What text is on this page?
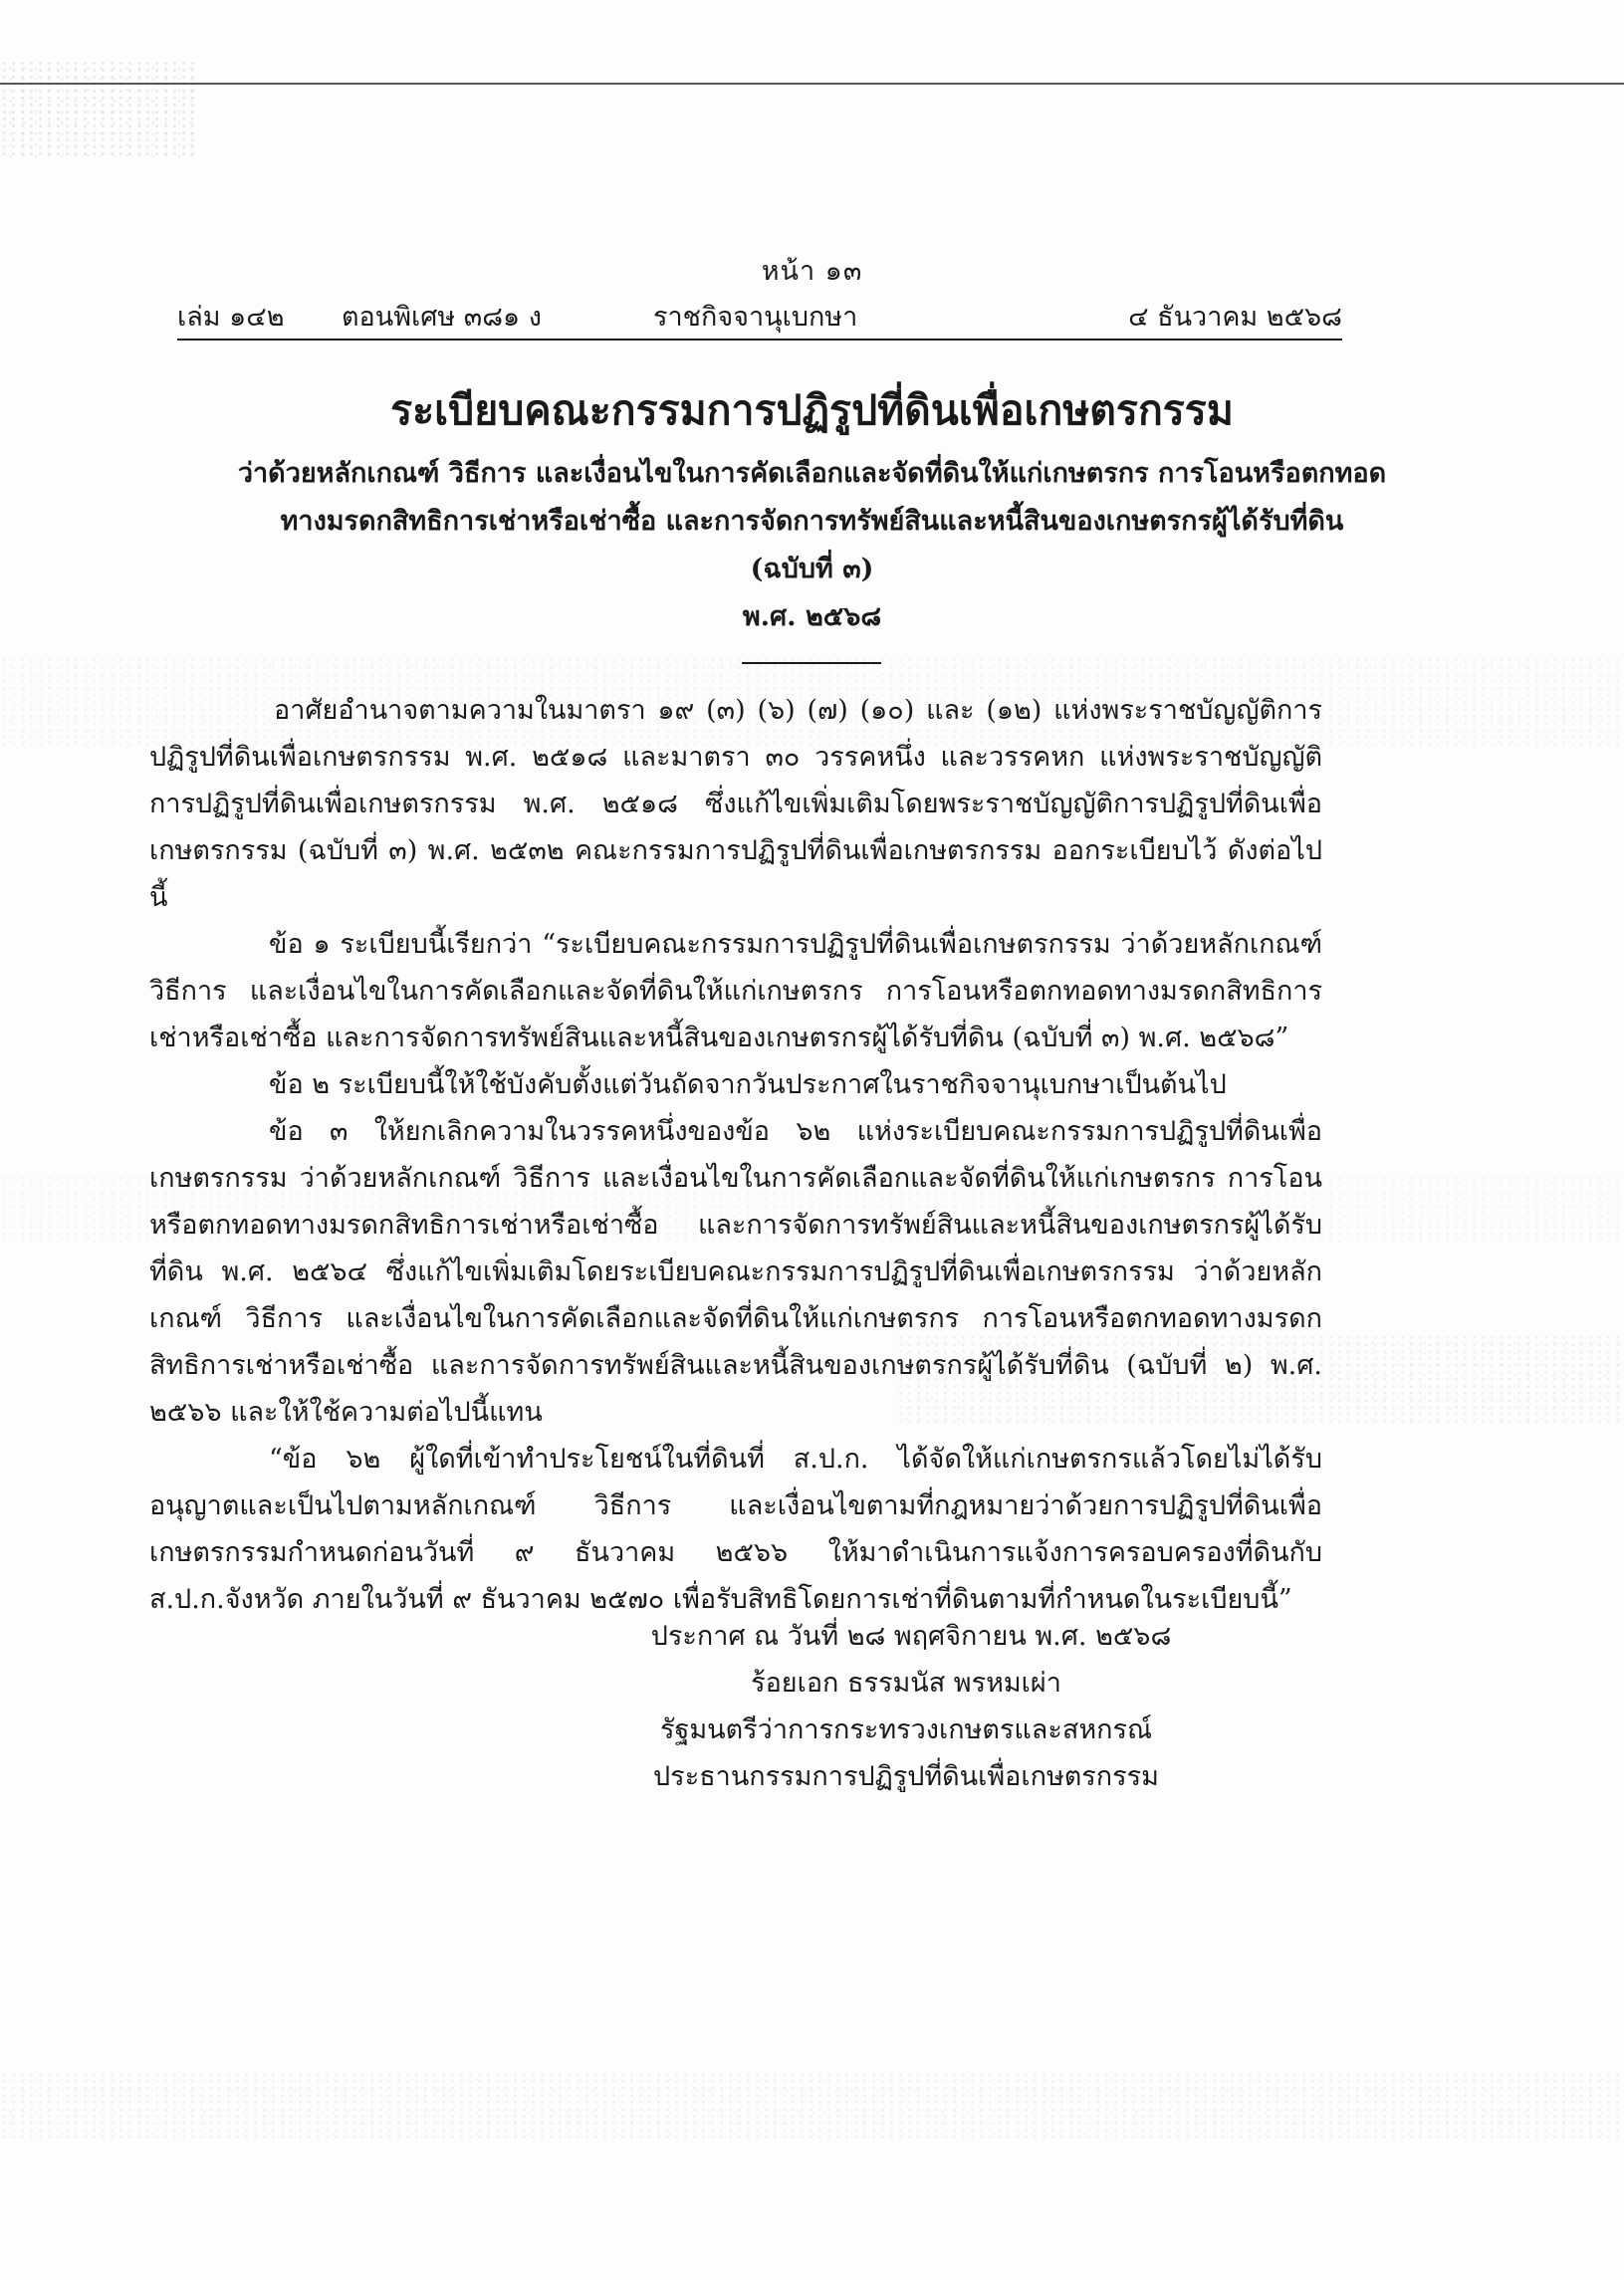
หน้า ๑๓
เล่ม ๑๔๒ ตอนพิเศษ ๓๘๑ ง	ราชกิจจานุเบกษา	๔ ธันวาคม ๒๕๖๘
ระเบียบคณะกรรมการปฏิรูปที่ดินเพื่อเกษตรกรรม
ว่าด้วยหลักเกณฑ์ วิธีการ และเงื่อนไขในการคัดเลือกและจัดที่ดินให้แก่เกษตรกร การโอนหรือตกทอด
ทางมรดกสิทธิการเช่าหรือเช่าซื้อ และการจัดการทรัพย์สินและหนี้สินของเกษตรกรผู้ได้รับที่ดิน
(ฉบับที่ ๓)
พ.ศ. ๒๕๖๘

อาศัยอำนาจตามความในมาตรา ๑๙ (๓) (๖) (๗) (๑๐) และ (๑๒) แห่งพระราชบัญญัติการปฏิรูปที่ดินเพื่อเกษตรกรรม พ.ศ. ๒๕๑๘ และมาตรา ๓๐ วรรคหนึ่ง และวรรคหก แห่งพระราชบัญญัติการปฏิรูปที่ดินเพื่อเกษตรกรรม พ.ศ. ๒๕๑๘ ซึ่งแก้ไขเพิ่มเติมโดยพระราชบัญญัติการปฏิรูปที่ดินเพื่อเกษตรกรรม (ฉบับที่ ๓) พ.ศ. ๒๕๓๒ คณะกรรมการปฏิรูปที่ดินเพื่อเกษตรกรรม ออกระเบียบไว้ ดังต่อไปนี้

ข้อ ๑ ระเบียบนี้เรียกว่า “ระเบียบคณะกรรมการปฏิรูปที่ดินเพื่อเกษตรกรรม ว่าด้วยหลักเกณฑ์ วิธีการ และเงื่อนไขในการคัดเลือกและจัดที่ดินให้แก่เกษตรกร การโอนหรือตกทอดทางมรดกสิทธิการเช่าหรือเช่าซื้อ และการจัดการทรัพย์สินและหนี้สินของเกษตรกรผู้ได้รับที่ดิน (ฉบับที่ ๓) พ.ศ. ๒๕๖๘”

ข้อ ๒ ระเบียบนี้ให้ใช้บังคับตั้งแต่วันถัดจากวันประกาศในราชกิจจานุเบกษาเป็นต้นไป

ข้อ ๓ ให้ยกเลิกความในวรรคหนึ่งของข้อ ๖๒ แห่งระเบียบคณะกรรมการปฏิรูปที่ดินเพื่อเกษตรกรรม ว่าด้วยหลักเกณฑ์ วิธีการ และเงื่อนไขในการคัดเลือกและจัดที่ดินให้แก่เกษตรกร การโอนหรือตกทอดทางมรดกสิทธิการเช่าหรือเช่าซื้อ และการจัดการทรัพย์สินและหนี้สินของเกษตรกรผู้ได้รับที่ดิน พ.ศ. ๒๕๖๔ ซึ่งแก้ไขเพิ่มเติมโดยระเบียบคณะกรรมการปฏิรูปที่ดินเพื่อเกษตรกรรม ว่าด้วยหลักเกณฑ์ วิธีการ และเงื่อนไขในการคัดเลือกและจัดที่ดินให้แก่เกษตรกร การโอนหรือตกทอดทางมรดกสิทธิการเช่าหรือเช่าซื้อ และการจัดการทรัพย์สินและหนี้สินของเกษตรกรผู้ได้รับที่ดิน (ฉบับที่ ๒) พ.ศ. ๒๕๖๖ และให้ใช้ความต่อไปนี้แทน

“ข้อ ๖๒ ผู้ใดที่เข้าทำประโยชน์ในที่ดินที่ ส.ป.ก. ได้จัดให้แก่เกษตรกรแล้วโดยไม่ได้รับอนุญาตและเป็นไปตามหลักเกณฑ์ วิธีการ และเงื่อนไขตามที่กฎหมายว่าด้วยการปฏิรูปที่ดินเพื่อเกษตรกรรมกำหนดก่อนวันที่ ๙ ธันวาคม ๒๕๖๖ ให้มาดำเนินการแจ้งการครอบครองที่ดินกับ ส.ป.ก.จังหวัด ภายในวันที่ ๙ ธันวาคม ๒๕๗๐ เพื่อรับสิทธิโดยการเช่าที่ดินตามที่กำหนดในระเบียบนี้”

ประกาศ ณ วันที่ ๒๘ พฤศจิกายน พ.ศ. ๒๕๖๘
ร้อยเอก ธรรมนัส พรหมเผ่า
รัฐมนตรีว่าการกระทรวงเกษตรและสหกรณ์
ประธานกรรมการปฏิรูปที่ดินเพื่อเกษตรกรรม
